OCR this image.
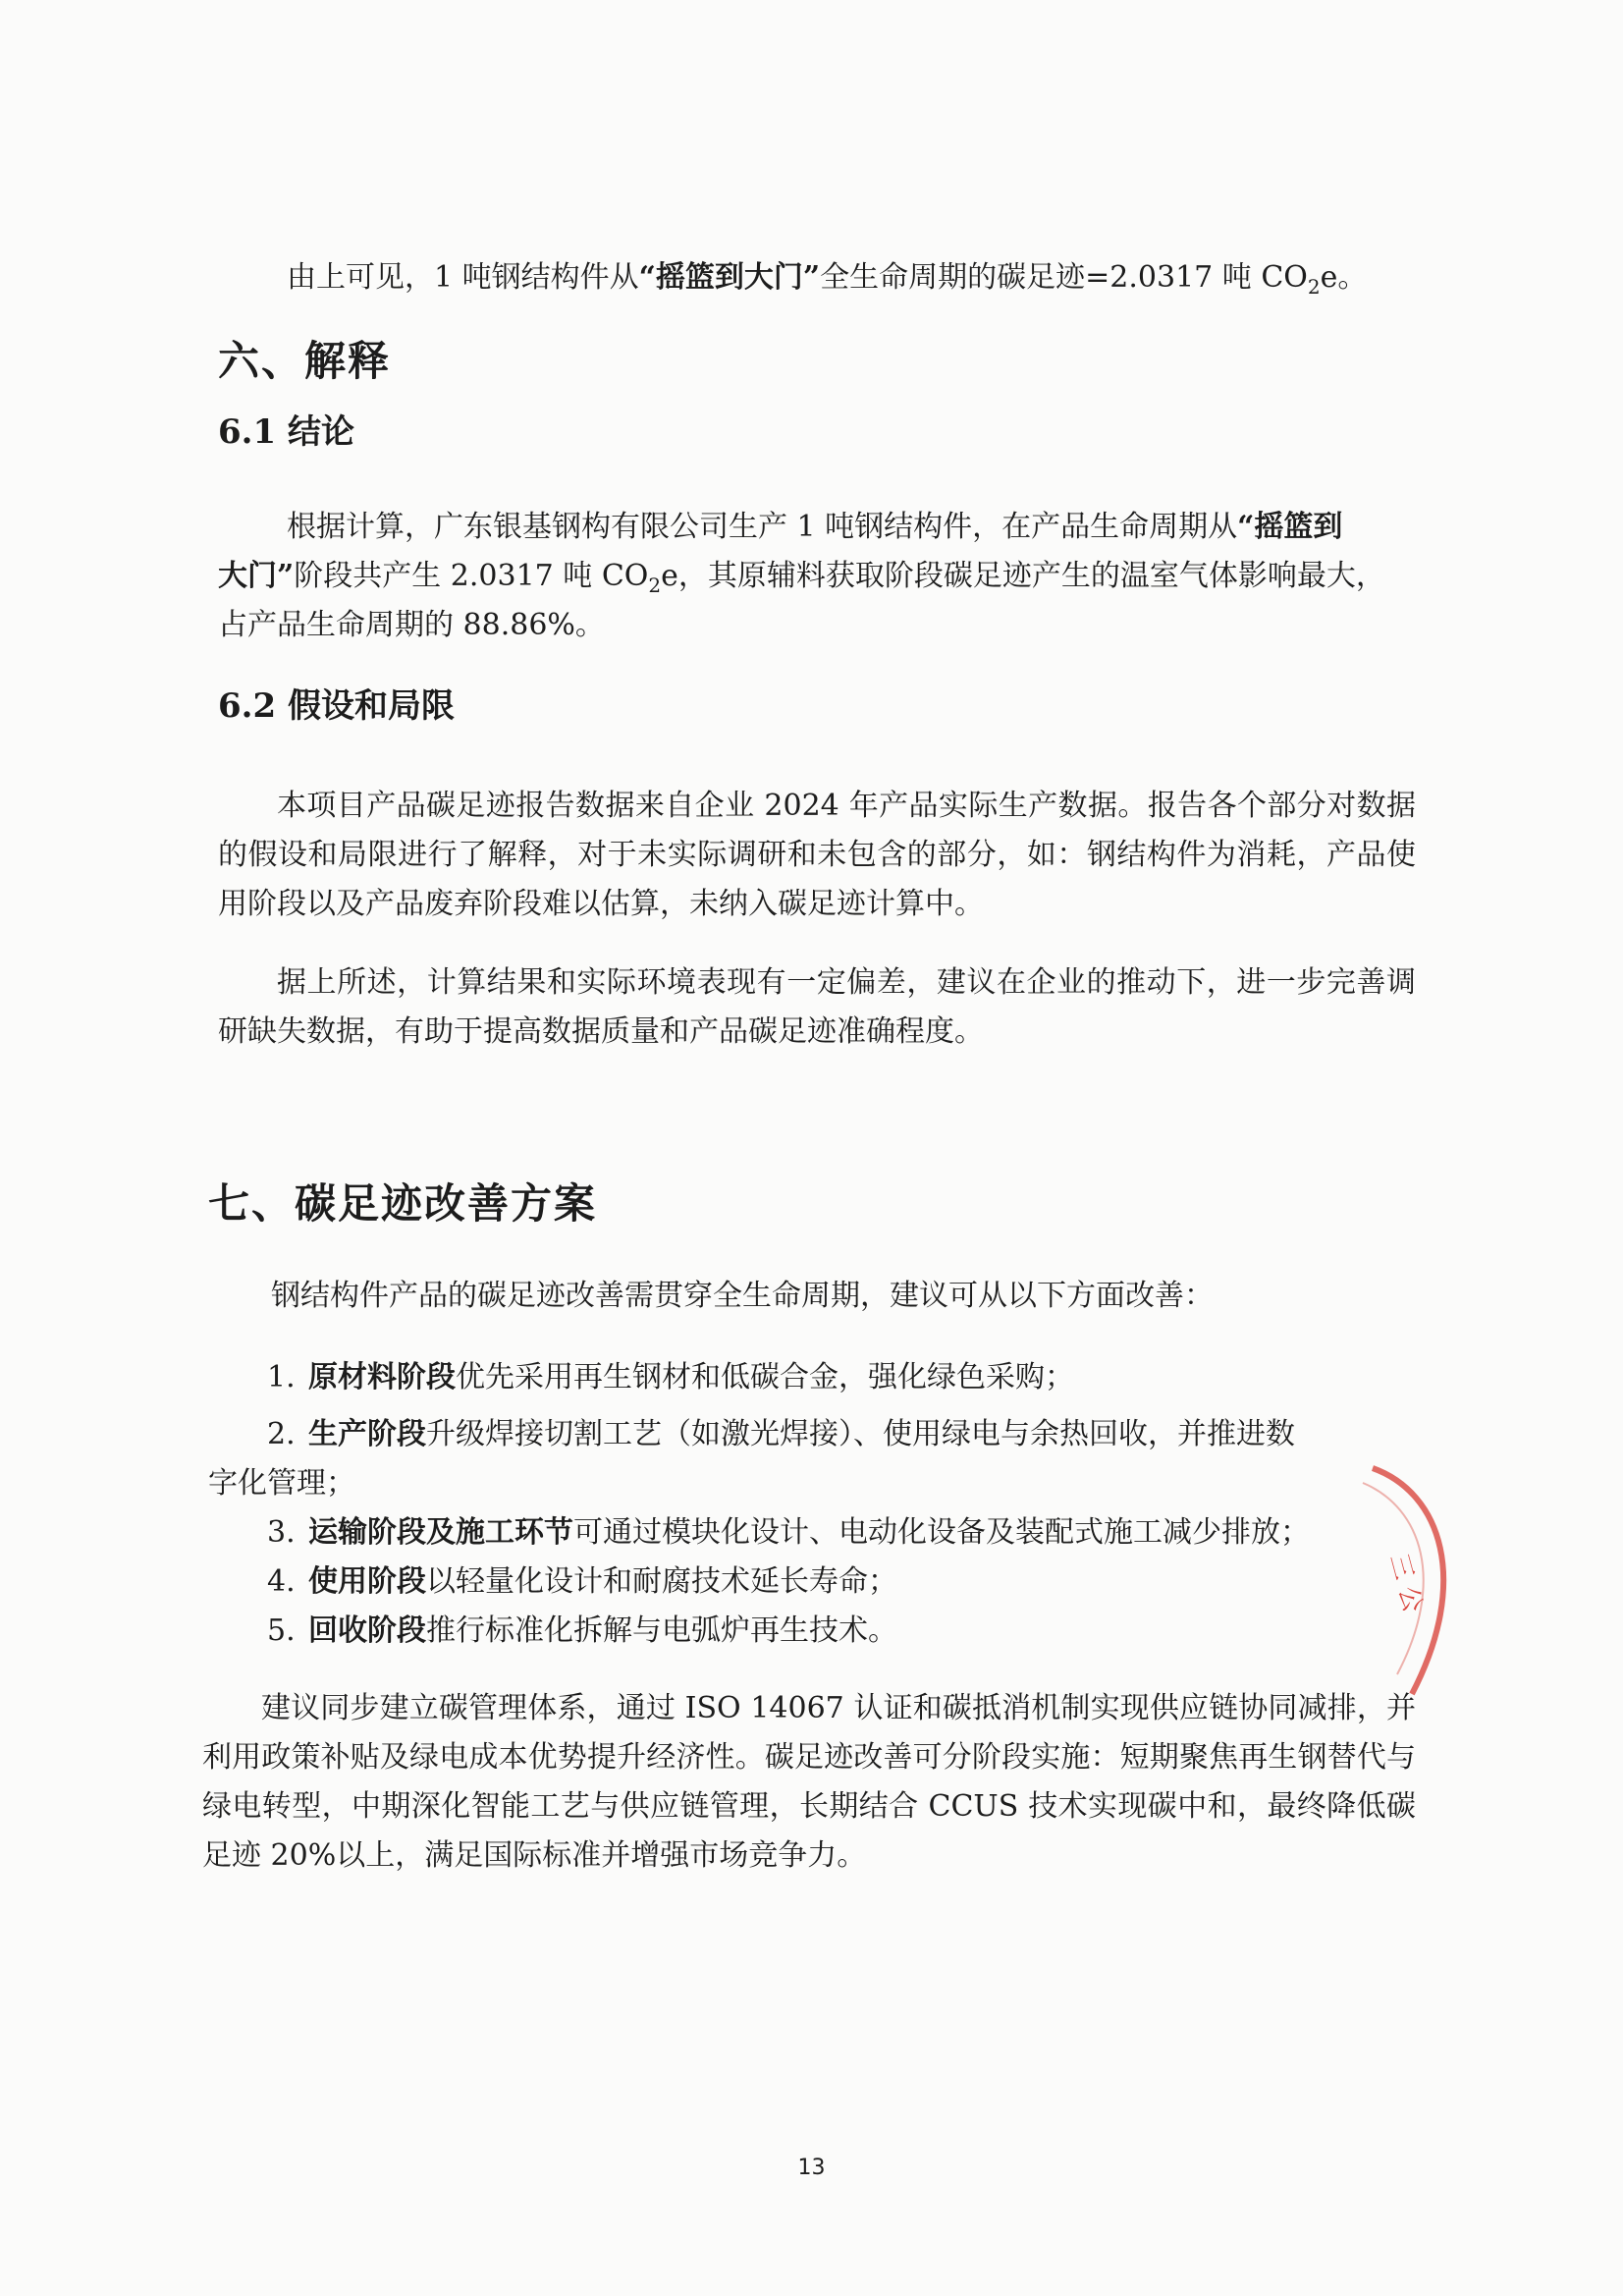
由上可见，1 吨钢结构件从“摇篮到大门”全生命周期的碳足迹=2.0317 吨 $CO_2e$。

六、解释
6.1 结论

根据计算，广东银基钢构有限公司生产 1 吨钢结构件，在产品生命周期从“摇篮到

大门”阶段共产生 2.0317 吨 $CO_2e$，其原辅料获取阶段碳足迹产生的温室气体影响最大，

占产品生命周期的 88.86%。

6.2 假设和局限

本项目产品碳足迹报告数据来自企业 2024 年产品实际生产数据。报告各个部分对数据的假设和局限进行了解释，对于未实际调研和未包含的部分，如：钢结构件为消耗，产品使用阶段以及产品废弃阶段难以估算，未纳入碳足迹计算中。

据上所述，计算结果和实际环境表现有一定偏差，建议在企业的推动下，进一步完善调研缺失数据，有助于提高数据质量和产品碳足迹准确程度。

七、碳足迹改善方案

钢结构件产品的碳足迹改善需贯穿全生命周期，建议可从以下方面改善：

1. 原材料阶段优先采用再生钢材和低碳合金，强化绿色采购；

2. 生产阶段升级焊接切割工艺（如激光焊接）、使用绿电与余热回收，并推进数

字化管理；

3. 运输阶段及施工环节可通过模块化设计、电动化设备及装配式施工减少排放；

4. 使用阶段以轻量化设计和耐腐技术延长寿命；

5. 回收阶段推行标准化拆解与电弧炉再生技术。

建议同步建立碳管理体系，通过 ISO 14067 认证和碳抵消机制实现供应链协同减排，并利用政策补贴及绿电成本优势提升经济性。碳足迹改善可分阶段实施：短期聚焦再生钢替代与绿电转型，中期深化智能工艺与供应链管理，长期结合 CCUS 技术实现碳中和，最终降低碳足迹 20%以上，满足国际标准并增强市场竞争力。

三 公
13
